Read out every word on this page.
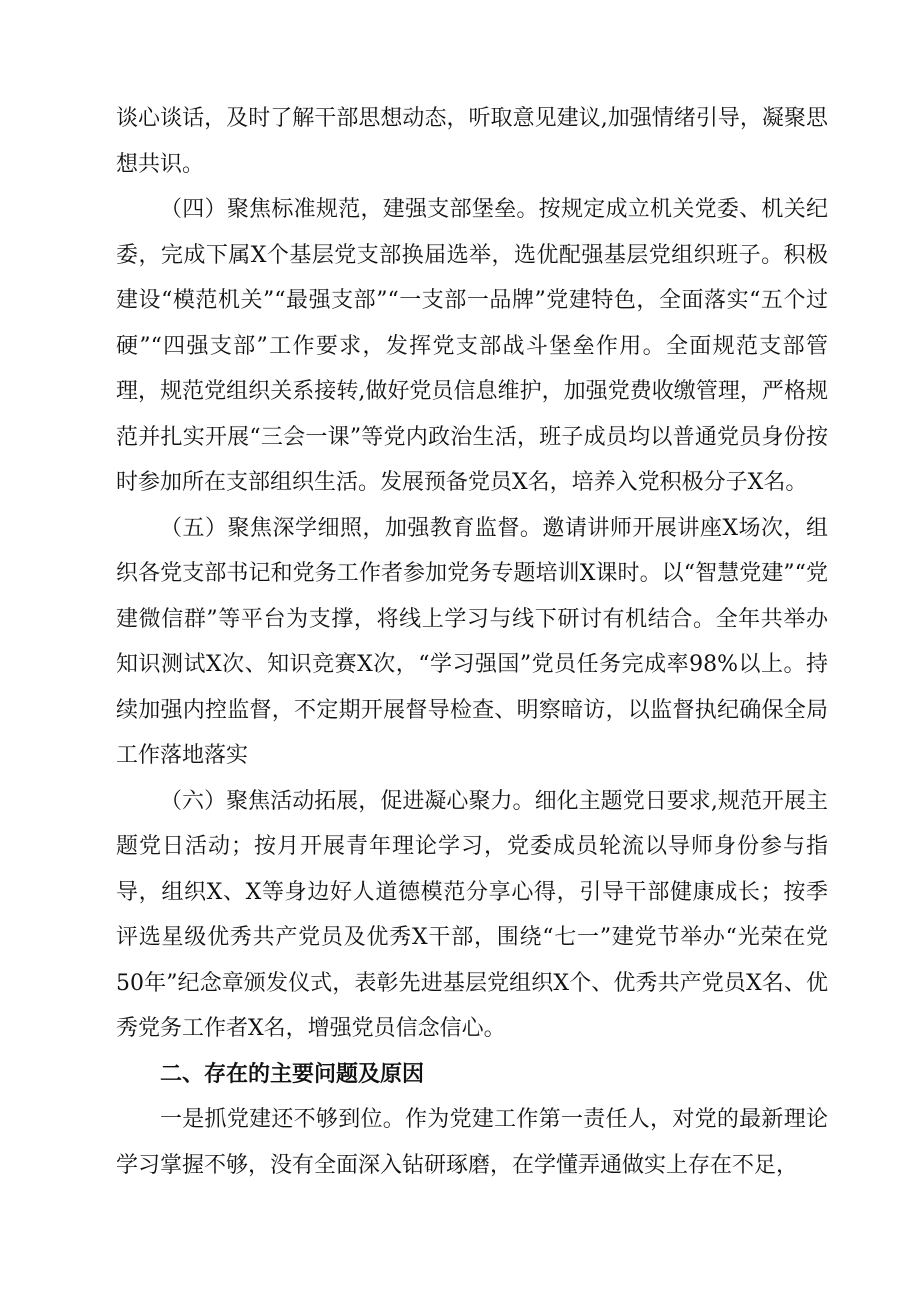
谈心谈话，及时了解干部思想动态，听取意见建议,加强情绪引导，凝聚思想共识。

（四）聚焦标准规范，建强支部堡垒。按规定成立机关党委、机关纪委，完成下属X个基层党支部换届选举，选优配强基层党组织班子。积极建设“模范机关”“最强支部”“一支部一品牌”党建特色，全面落实“五个过硬”“四强支部”工作要求，发挥党支部战斗堡垒作用。全面规范支部管理，规范党组织关系接转,做好党员信息维护，加强党费收缴管理，严格规范并扎实开展“三会一课”等党内政治生活，班子成员均以普通党员身份按时参加所在支部组织生活。发展预备党员X名，培养入党积极分子X名。

（五）聚焦深学细照，加强教育监督。邀请讲师开展讲座X场次，组织各党支部书记和党务工作者参加党务专题培训X课时。以“智慧党建”“党建微信群”等平台为支撑，将线上学习与线下研讨有机结合。全年共举办知识测试X次、知识竞赛X次，“学习强国”党员任务完成率98%以上。持续加强内控监督，不定期开展督导检查、明察暗访，以监督执纪确保全局工作落地落实

（六）聚焦活动拓展，促进凝心聚力。细化主题党日要求,规范开展主题党日活动；按月开展青年理论学习，党委成员轮流以导师身份参与指导，组织X、X等身边好人道德模范分享心得，引导干部健康成长；按季评选星级优秀共产党员及优秀X干部，围绕“七一”建党节举办“光荣在党50年”纪念章颁发仪式，表彰先进基层党组织X个、优秀共产党员X名、优秀党务工作者X名，增强党员信念信心。

二、存在的主要问题及原因

一是抓党建还不够到位。作为党建工作第一责任人，对党的最新理论学习掌握不够，没有全面深入钻研琢磨，在学懂弄通做实上存在不足，
